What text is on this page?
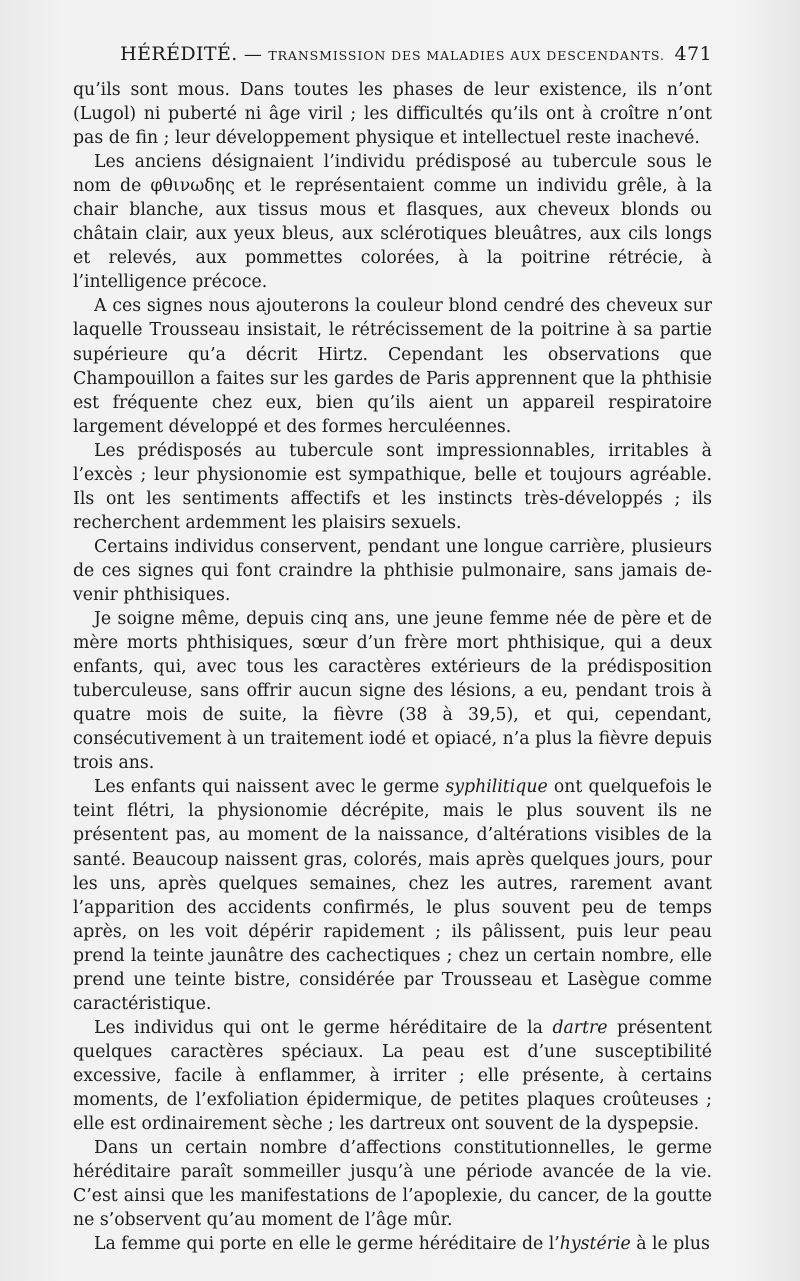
HÉRÉDITÉ. — TRANSMISSION DES MALADIES AUX DESCENDANTS. 471

qu’ils sont mous. Dans toutes les phases de leur existence, ils n’ont (Lugol) ni puberté ni âge viril ; les difficultés qu’ils ont à croître n’ont pas de fin ; leur développement physique et intellectuel reste inachevé.

Les anciens désignaient l’individu prédisposé au tubercule sous le nom de φθινωδης et le représentaient comme un individu grêle, à la chair blanche, aux tissus mous et flasques, aux cheveux blonds ou châtain clair, aux yeux bleus, aux sclérotiques bleuâtres, aux cils longs et relevés, aux pommettes colorées, à la poitrine rétrécie, à l’intelligence précoce.

A ces signes nous ajouterons la couleur blond cendré des cheveux sur laquelle Trousseau insistait, le rétrécissement de la poitrine à sa partie supérieure qu’a décrit Hirtz. Cependant les observations que Champouillon a faites sur les gardes de Paris apprennent que la phthisie est fréquente chez eux, bien qu’ils aient un appareil respiratoire largement développé et des formes herculéennes.

Les prédisposés au tubercule sont impressionnables, irritables à l’excès ; leur physionomie est sympathique, belle et toujours agréable. Ils ont les sentiments affectifs et les instincts très-développés ; ils recherchent ardemment les plaisirs sexuels.

Certains individus conservent, pendant une longue carrière, plusieurs de ces signes qui font craindre la phthisie pulmonaire, sans jamais devenir phthisiques.

Je soigne même, depuis cinq ans, une jeune femme née de père et de mère morts phthisiques, sœur d’un frère mort phthisique, qui a deux enfants, qui, avec tous les caractères extérieurs de la prédisposition tuberculeuse, sans offrir aucun signe des lésions, a eu, pendant trois à quatre mois de suite, la fièvre (38 à 39,5), et qui, cependant, consécutivement à un traitement iodé et opiacé, n’a plus la fièvre depuis trois ans.

Les enfants qui naissent avec le germe syphilitique ont quelquefois le teint flétri, la physionomie décrépite, mais le plus souvent ils ne présentent pas, au moment de la naissance, d’altérations visibles de la santé. Beaucoup naissent gras, colorés, mais après quelques jours, pour les uns, après quelques semaines, chez les autres, rarement avant l’apparition des accidents confirmés, le plus souvent peu de temps après, on les voit dépérir rapidement ; ils pâlissent, puis leur peau prend la teinte jaunâtre des cachectiques ; chez un certain nombre, elle prend une teinte bistre, considérée par Trousseau et Lasègue comme caractéristique.

Les individus qui ont le germe héréditaire de la dartre présentent quelques caractères spéciaux. La peau est d’une susceptibilité excessive, facile à enflammer, à irriter ; elle présente, à certains moments, de l’exfoliation épidermique, de petites plaques croûteuses ; elle est ordinairement sèche ; les dartreux ont souvent de la dyspepsie.

Dans un certain nombre d’affections constitutionnelles, le germe héréditaire paraît sommeiller jusqu’à une période avancée de la vie. C’est ainsi que les manifestations de l’apoplexie, du cancer, de la goutte ne s’observent qu’au moment de l’âge mûr.

La femme qui porte en elle le germe héréditaire de l’hystérie à le plus
